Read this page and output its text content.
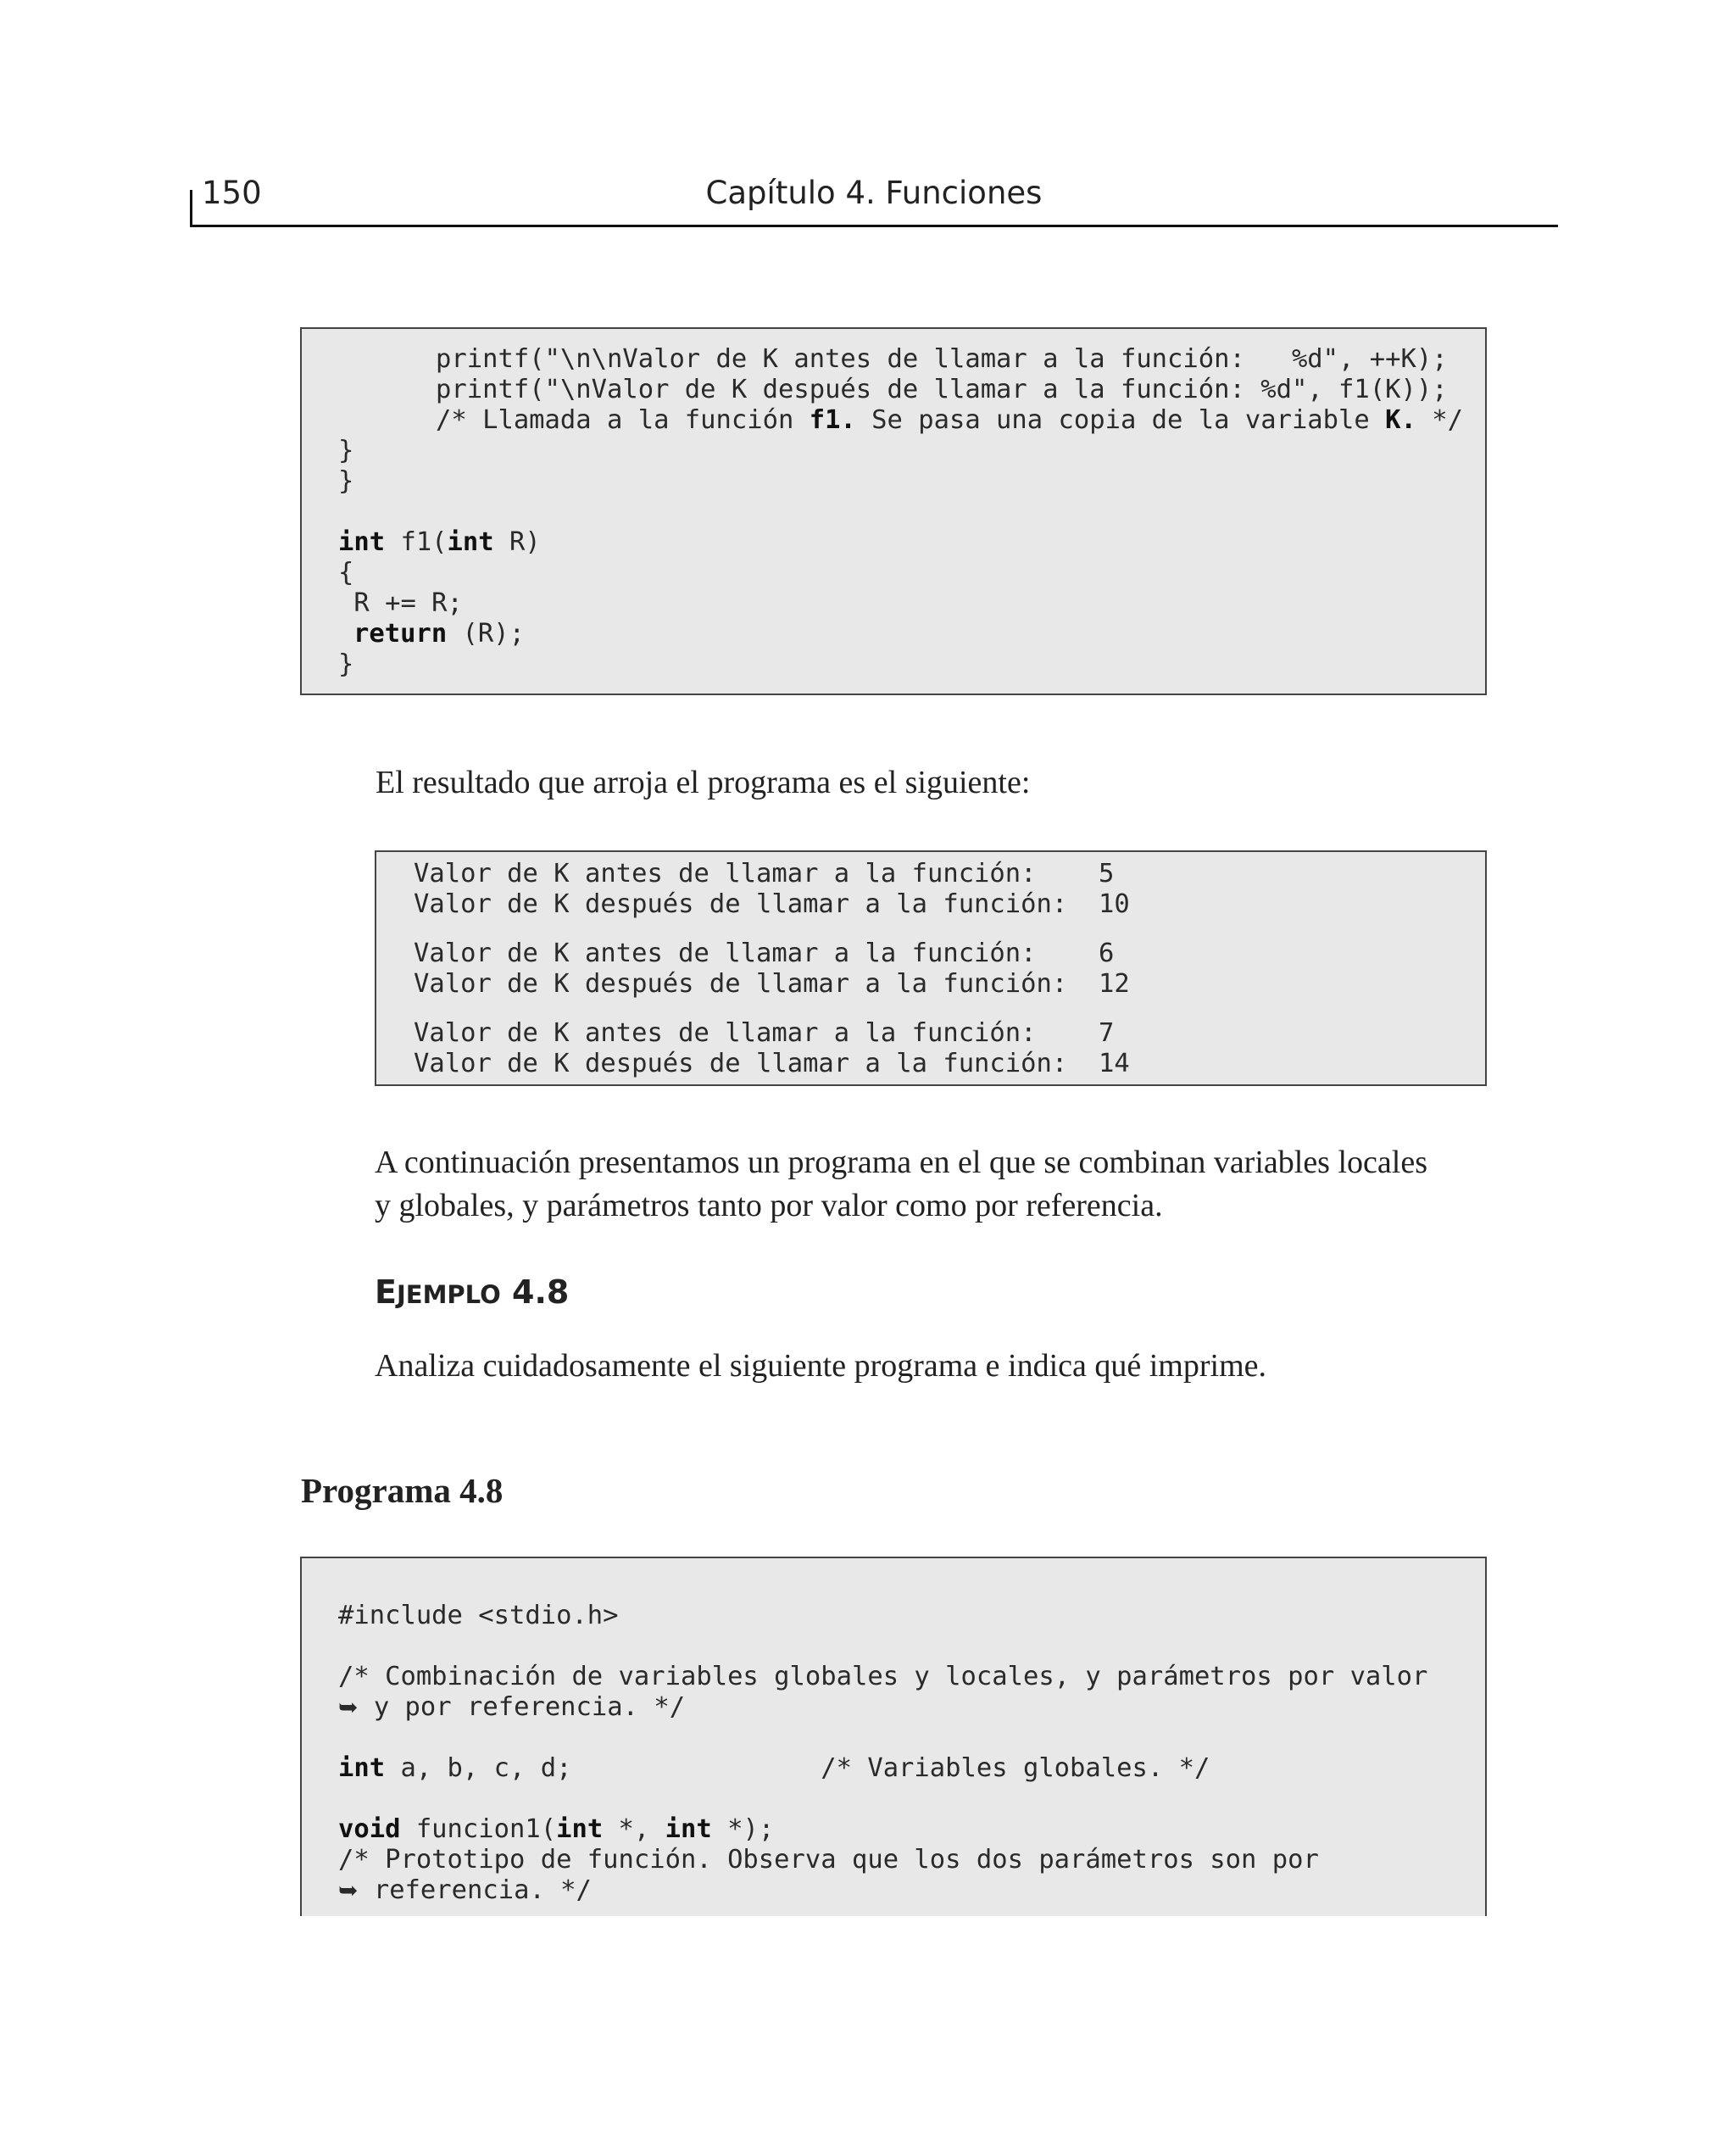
150	Capítulo 4. Funciones
printf("\n\nValor de K antes de llamar a la función:   %d", ++K);
printf("\nValor de K después de llamar a la función: %d", f1(K));
/* Llamada a la función f1. Se pasa una copia de la variable K. */
}
}
int f1(int R)
{
R += R;
return (R);
}
El resultado que arroja el programa es el siguiente:
Valor de K antes de llamar a la función:    5
Valor de K después de llamar a la función:  10
Valor de K antes de llamar a la función:    6
Valor de K después de llamar a la función:  12
Valor de K antes de llamar a la función:    7
Valor de K después de llamar a la función:  14
A continuación presentamos un programa en el que se combinan variables locales
y globales, y parámetros tanto por valor como por referencia.
EJEMPLO 4.8
Analiza cuidadosamente el siguiente programa e indica qué imprime.
Programa 4.8
#include <stdio.h>
/* Combinación de variables globales y locales, y parámetros por valor
➥ y por referencia. */
int a, b, c, d;                /* Variables globales. */
void funcion1(int *, int *);
/* Prototipo de función. Observa que los dos parámetros son por
➥ referencia. */
